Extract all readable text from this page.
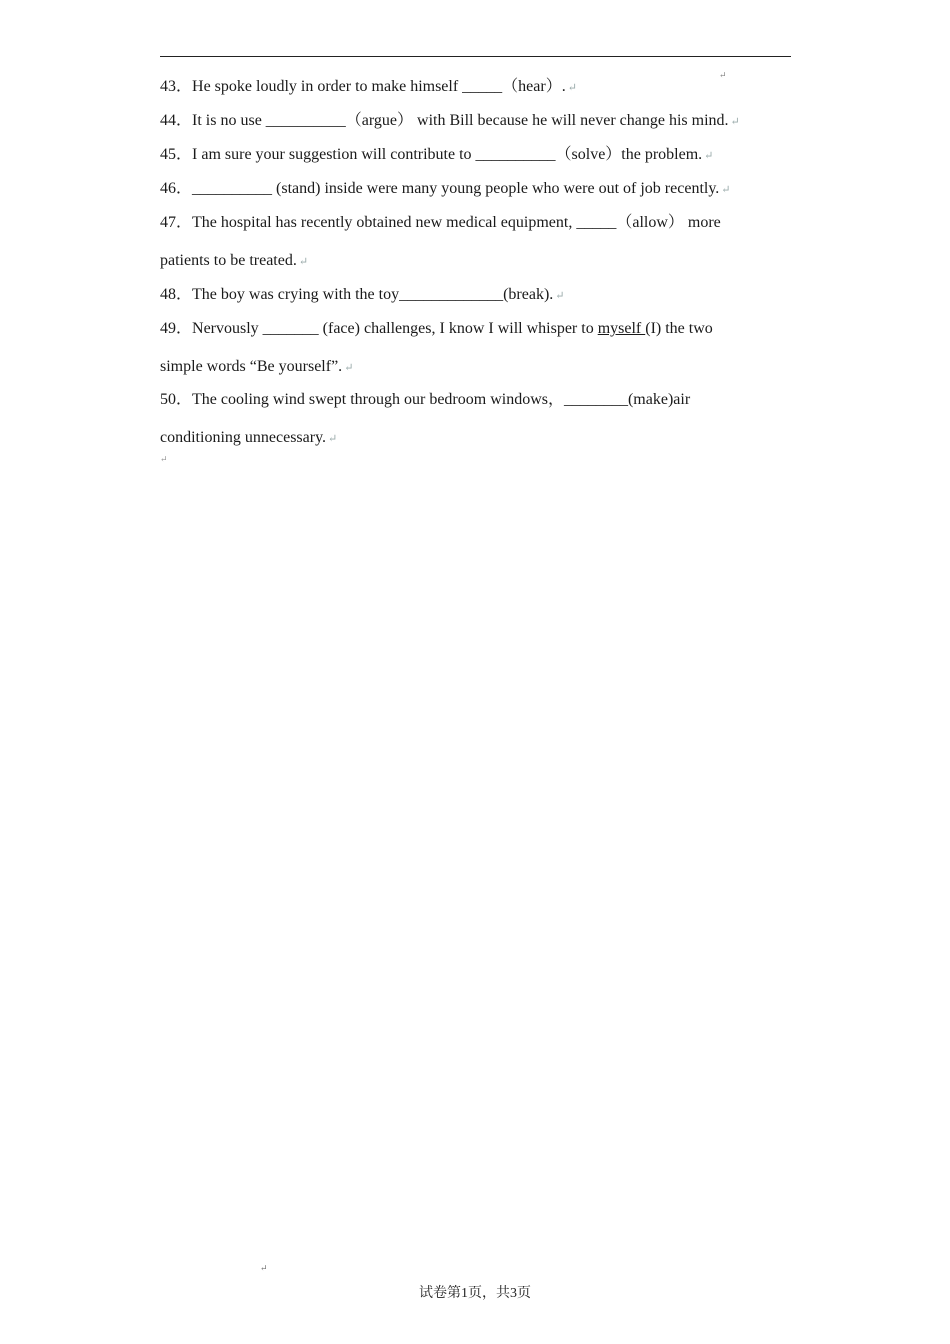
↵
43．He spoke loudly in order to make himself _____（hear）. ↵
44．It is no use __________（argue） with Bill because he will never change his mind. ↵
45．I am sure your suggestion will contribute to __________（solve）the problem. ↵
46．__________ (stand) inside were many young people who were out of job recently. ↵
47．The hospital has recently obtained new medical equipment, _____（allow） more
patients to be treated. ↵
48．The boy was crying with the toy_____________(break). ↵
49．Nervously _______ (face) challenges, I know I will whisper to myself (I) the two
simple words “Be yourself”. ↵
50．The cooling wind swept through our bedroom windows，________(make)air
conditioning unnecessary. ↵
↵
↵
试卷第1页，共3页
